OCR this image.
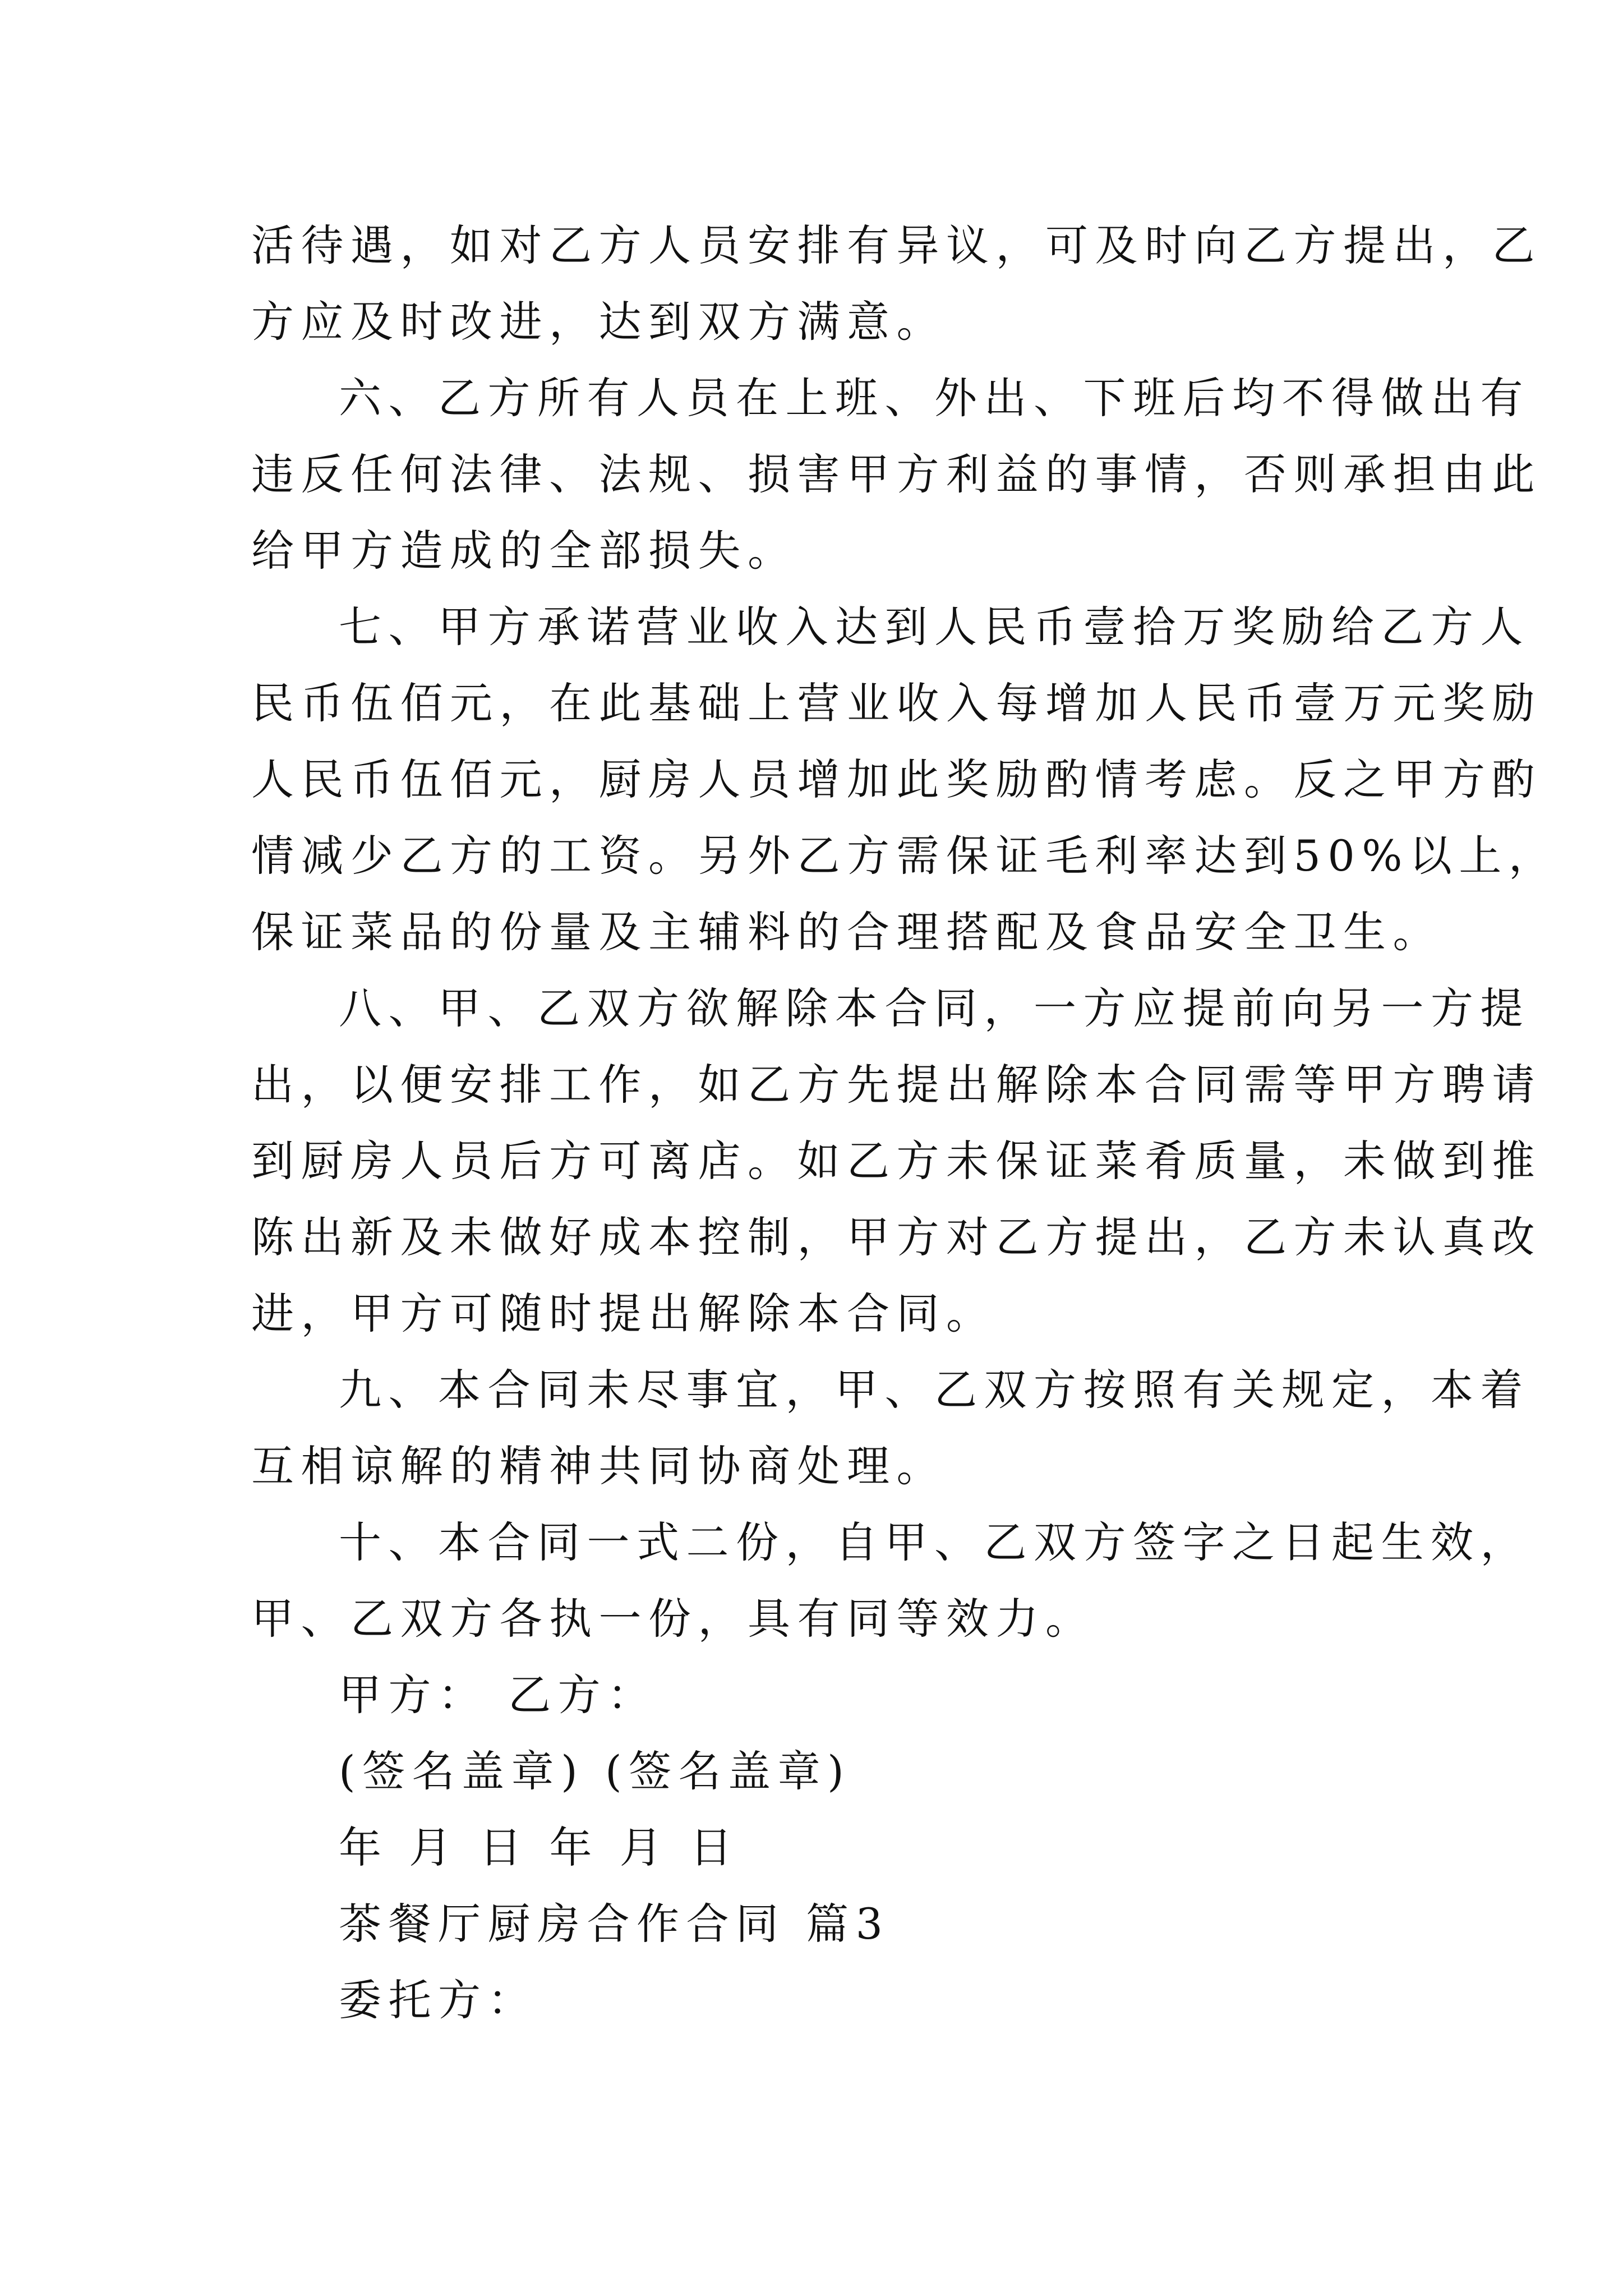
活待遇，如对乙方人员安排有异议，可及时向乙方提出，乙
方应及时改进，达到双方满意。
六、乙方所有人员在上班、外出、下班后均不得做出有
违反任何法律、法规、损害甲方利益的事情，否则承担由此
给甲方造成的全部损失。
七、甲方承诺营业收入达到人民币壹拾万奖励给乙方人
民币伍佰元，在此基础上营业收入每增加人民币壹万元奖励
人民币伍佰元，厨房人员增加此奖励酌情考虑。反之甲方酌
情减少乙方的工资。另外乙方需保证毛利率达到50%以上，
保证菜品的份量及主辅料的合理搭配及食品安全卫生。
八、甲、乙双方欲解除本合同，一方应提前向另一方提
出，以便安排工作，如乙方先提出解除本合同需等甲方聘请
到厨房人员后方可离店。如乙方未保证菜肴质量，未做到推
陈出新及未做好成本控制，甲方对乙方提出，乙方未认真改
进，甲方可随时提出解除本合同。
九、本合同未尽事宜，甲、乙双方按照有关规定，本着
互相谅解的精神共同协商处理。
十、本合同一式二份，自甲、乙双方签字之日起生效，
甲、乙双方各执一份，具有同等效力。
甲方： 乙方：
(签名盖章) (签名盖章)
年 月 日 年 月 日
茶餐厅厨房合作合同 篇3
委托方：
